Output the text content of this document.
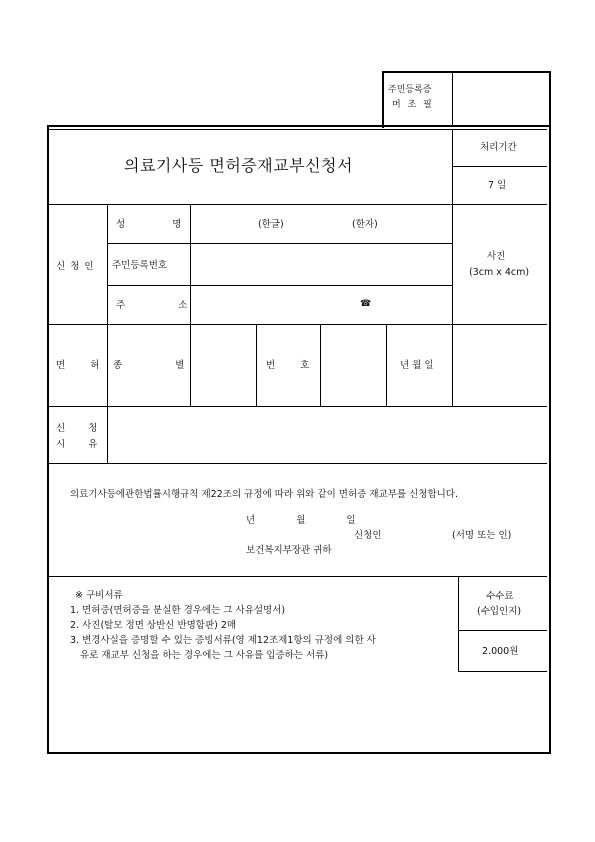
주민등록증
머 조 필
의료기사등 면허증재교부신청서
처리기간
7 일
신 청 인
성 명	(한글)	(한자)
주민등록번호
주 소	☎
사진
(3cm x 4cm)
면 허 종 별	번 호	년 월 일
신 청
시 유
의료기사등에관한법률시행규칙 제22조의 규정에 따라 위와 같이 면허증 재교부를 신청합니다.
년 월 일
신청인	(서명 또는 인)
보건복지부장관 귀하
※ 구비서류
1. 면허증(면허증을 분실한 경우에는 그 사유설명서)
2. 사진(탈모 정면 상반신 반명함판) 2매
3. 변경사실을 증명할 수 있는 증빙서류(영 제12조제1항의 규정에 의한 사
유로 재교부 신청을 하는 경우에는 그 사유를 입증하는 서류)
수수료
(수입인지)
2.000원
